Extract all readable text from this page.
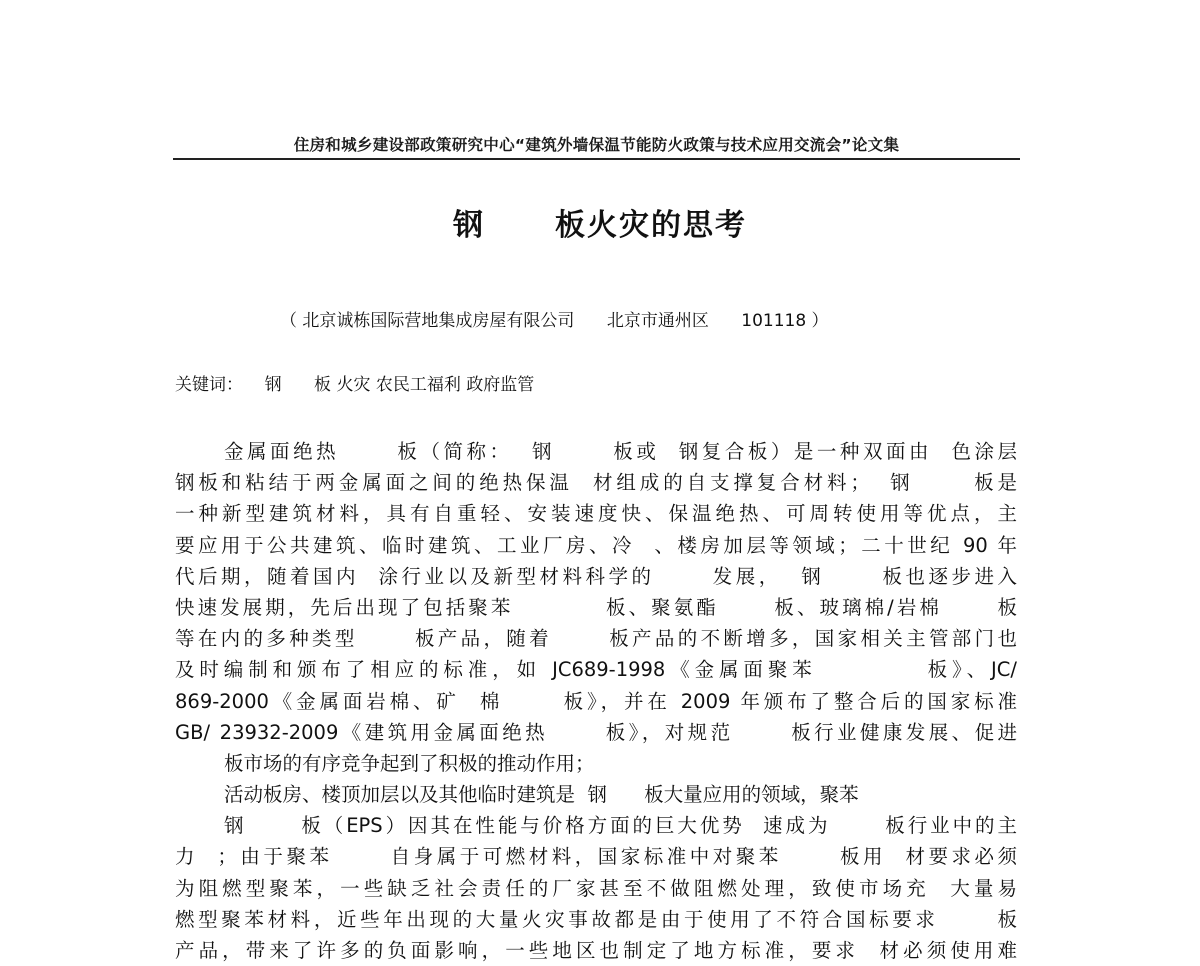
住房和城乡建设部政策研究中心“建筑外墙保温节能防火政策与技术应用交流会”论文集
钢 板火灾的思考
（ 北京诚栋国际营地集成房屋有限公司      北京市通州区      101118 ）
关键词：    钢      板 火灾 农民工福利 政府监管
金属面绝热      板（简称：  钢      板或  钢复合板）是一种双面由  色涂层
钢板和粘结于两金属面之间的绝热保温  材组成的自支撑复合材料；  钢      板是
一种新型建筑材料，具有自重轻、安装速度快、保温绝热、可周转使用等优点，主
要应用于公共建筑、临时建筑、工业厂房、冷  、楼房加层等领域；二十世纪 90 年
代后期，随着国内  涂行业以及新型材料科学的      发展，  钢      板也逐步进入
快速发展期，先后出现了包括聚苯          板、聚氨酯      板、玻璃棉/岩棉      板
等在内的多种类型      板产品，随着      板产品的不断增多，国家相关主管部门也
及时编制和颁布了相应的标准，如 JC689-1998《金属面聚苯          板》、JC/
869-2000《金属面岩棉、矿  棉      板》，并在 2009 年颁布了整合后的国家标准
GB/ 23932-2009《建筑用金属面绝热      板》，对规范      板行业健康发展、促进
板市场的有序竞争起到了积极的推动作用；
活动板房、楼顶加层以及其他临时建筑是  钢      板大量应用的领域，聚苯
钢      板（EPS）因其在性能与价格方面的巨大优势  速成为      板行业中的主
力  ；由于聚苯      自身属于可燃材料，国家标准中对聚苯      板用  材要求必须
为阻燃型聚苯，一些缺乏社会责任的厂家甚至不做阻燃处理，致使市场充  大量易
燃型聚苯材料，近些年出现的大量火灾事故都是由于使用了不符合国标要求      板
产品，带来了许多的负面影响，一些地区也制定了地方标准，要求  材必须使用难
